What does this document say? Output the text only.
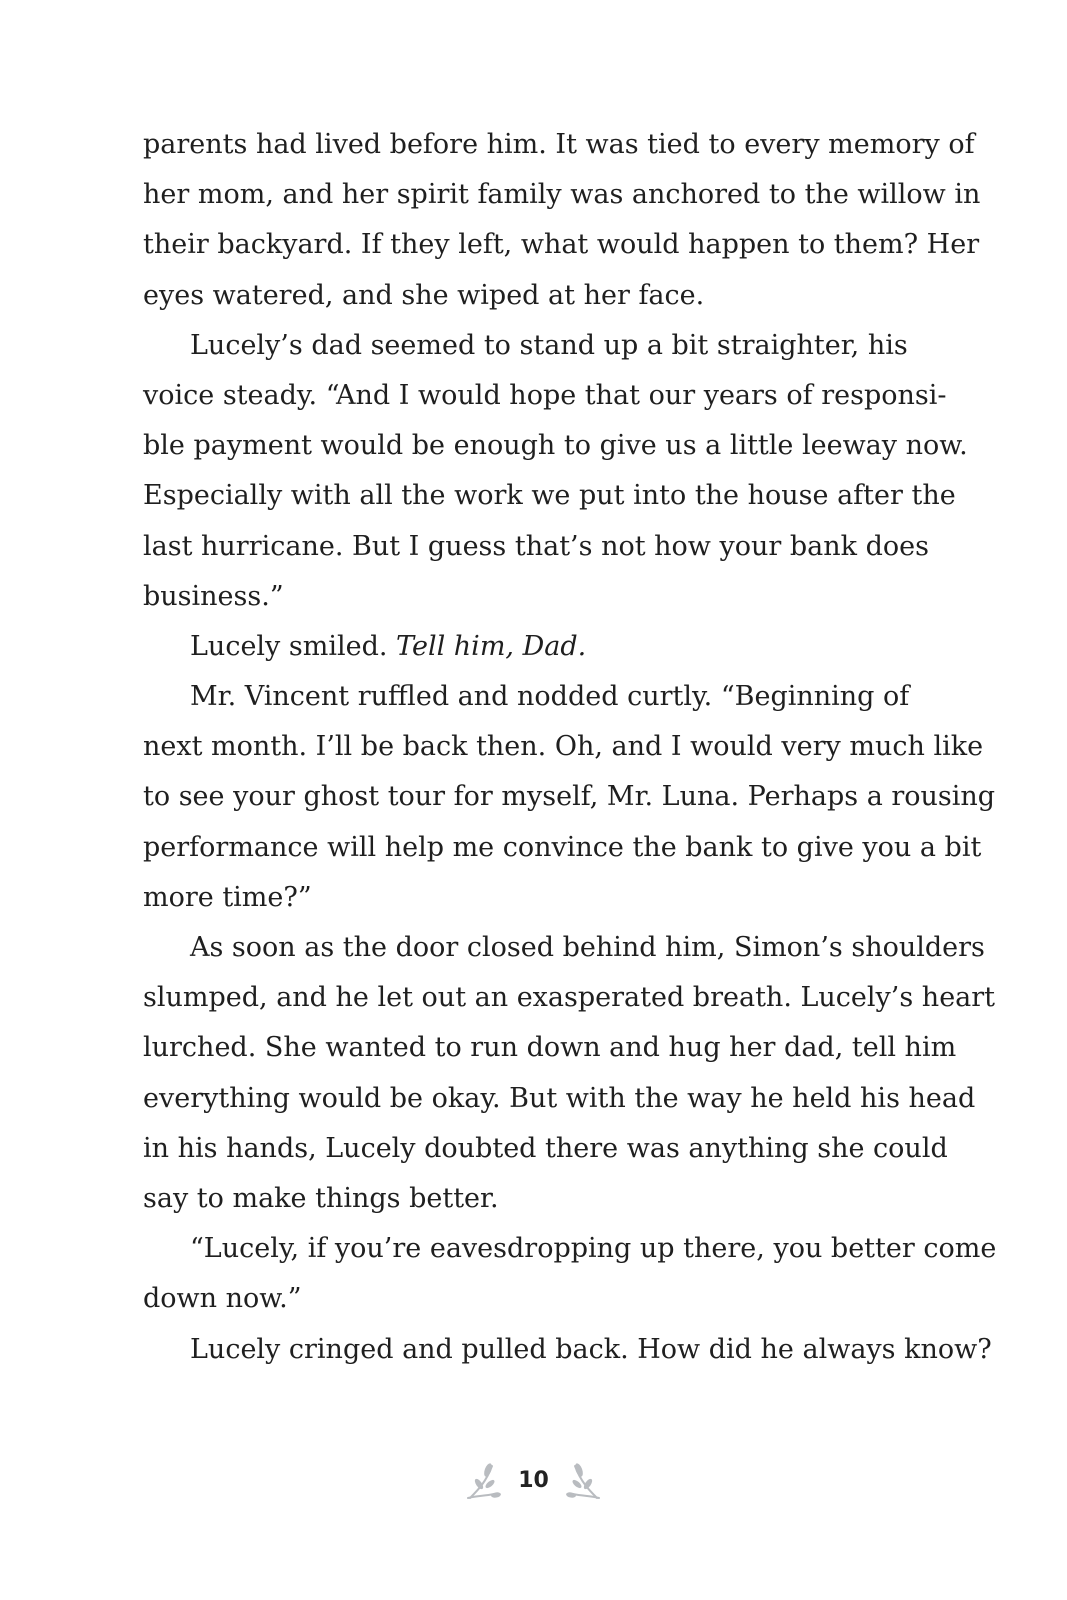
parents had lived before him. It was tied to every memory of
her mom, and her spirit family was anchored to the willow in
their backyard. If they left, what would happen to them? Her
eyes watered, and she wiped at her face.
Lucely’s dad seemed to stand up a bit straighter, his
voice steady. “And I would hope that our years of responsi-
ble payment would be enough to give us a little leeway now.
Especially with all the work we put into the house after the
last hurricane. But I guess that’s not how your bank does
business.”
Lucely smiled. Tell him, Dad.
Mr. Vincent ruffled and nodded curtly. “Beginning of
next month. I’ll be back then. Oh, and I would very much like
to see your ghost tour for myself, Mr. Luna. Perhaps a rousing
performance will help me convince the bank to give you a bit
more time?”
As soon as the door closed behind him, Simon’s shoulders
slumped, and he let out an exasperated breath. Lucely’s heart
lurched. She wanted to run down and hug her dad, tell him
everything would be okay. But with the way he held his head
in his hands, Lucely doubted there was anything she could
say to make things better.
“Lucely, if you’re eavesdropping up there, you better come
down now.”
Lucely cringed and pulled back. How did he always know?
10
